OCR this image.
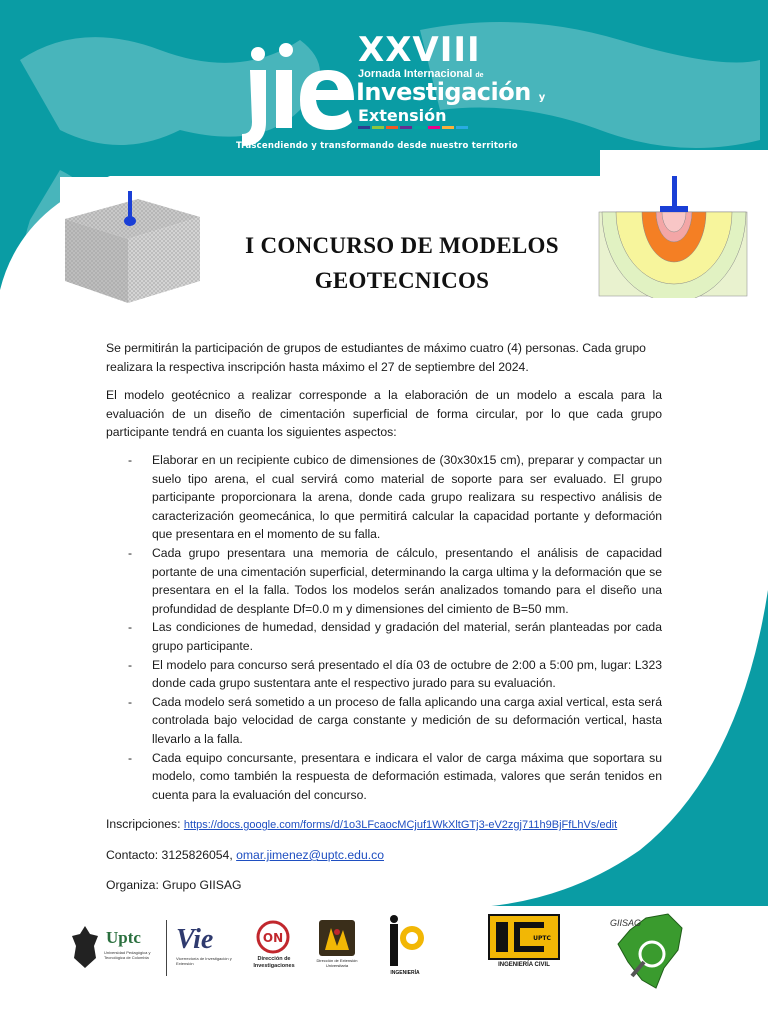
XXVIII
Jornada Internacional de
Investigación y
Extensión
Trascendiendo y transformando desde nuestro territorio
I CONCURSO DE MODELOS
GEOTECNICOS

Se permitirán la participación de grupos de estudiantes de máximo cuatro (4) personas. Cada grupo realizara la respectiva inscripción hasta máximo el 27 de septiembre del 2024.

El modelo geotécnico a realizar corresponde a la elaboración de un modelo a escala para la evaluación de un diseño de cimentación superficial de forma circular, por lo que cada grupo participante tendrá en cuanta los siguientes aspectos:

- Elaborar en un recipiente cubico de dimensiones de (30x30x15 cm), preparar y compactar un suelo tipo arena, el cual servirá como material de soporte para ser evaluado. El grupo participante proporcionara la arena, donde cada grupo realizara su respectivo análisis de caracterización geomecánica, lo que permitirá calcular la capacidad portante y deformación que presentara en el momento de su falla.
- Cada grupo presentara una memoria de cálculo, presentando el análisis de capacidad portante de una cimentación superficial, determinando la carga ultima y la deformación que se presentara en el la falla. Todos los modelos serán analizados tomando para el diseño una profundidad de desplante Df=0.0 m y dimensiones del cimiento de B=50 mm.
- Las condiciones de humedad, densidad y gradación del material, serán planteadas por cada grupo participante.
- El modelo para concurso será presentado el día 03 de octubre de 2:00 a 5:00 pm, lugar: L323 donde cada grupo sustentara ante el respectivo jurado para su evaluación.
- Cada modelo será sometido a un proceso de falla aplicando una carga axial vertical, esta será controlada bajo velocidad de carga constante y medición de su deformación vertical, hasta llevarlo a la falla.
- Cada equipo concursante, presentara e indicara el valor de carga máxima que soportara su modelo, como también la respuesta de deformación estimada, valores que serán tenidos en cuenta para la evaluación del concurso.

Inscripciones: https://docs.google.com/forms/d/1o3LFcaocMCjuf1WkXltGTj3-eV2zgj711h9BjFfLhVs/edit

Contacto: 3125826054, omar.jimenez@uptc.edu.co

Organiza: Grupo GIISAG

Uptc
Universidad Pedagógica y Tecnológica de Colombia
Vie
Vicerrectoría de Investigación y Extensión
ON
Dirección de Investigaciones
Dirección de Extensión Universitaria
INGENIERÍA
UPTC
INGENIERÍA CIVIL
GIISAG
